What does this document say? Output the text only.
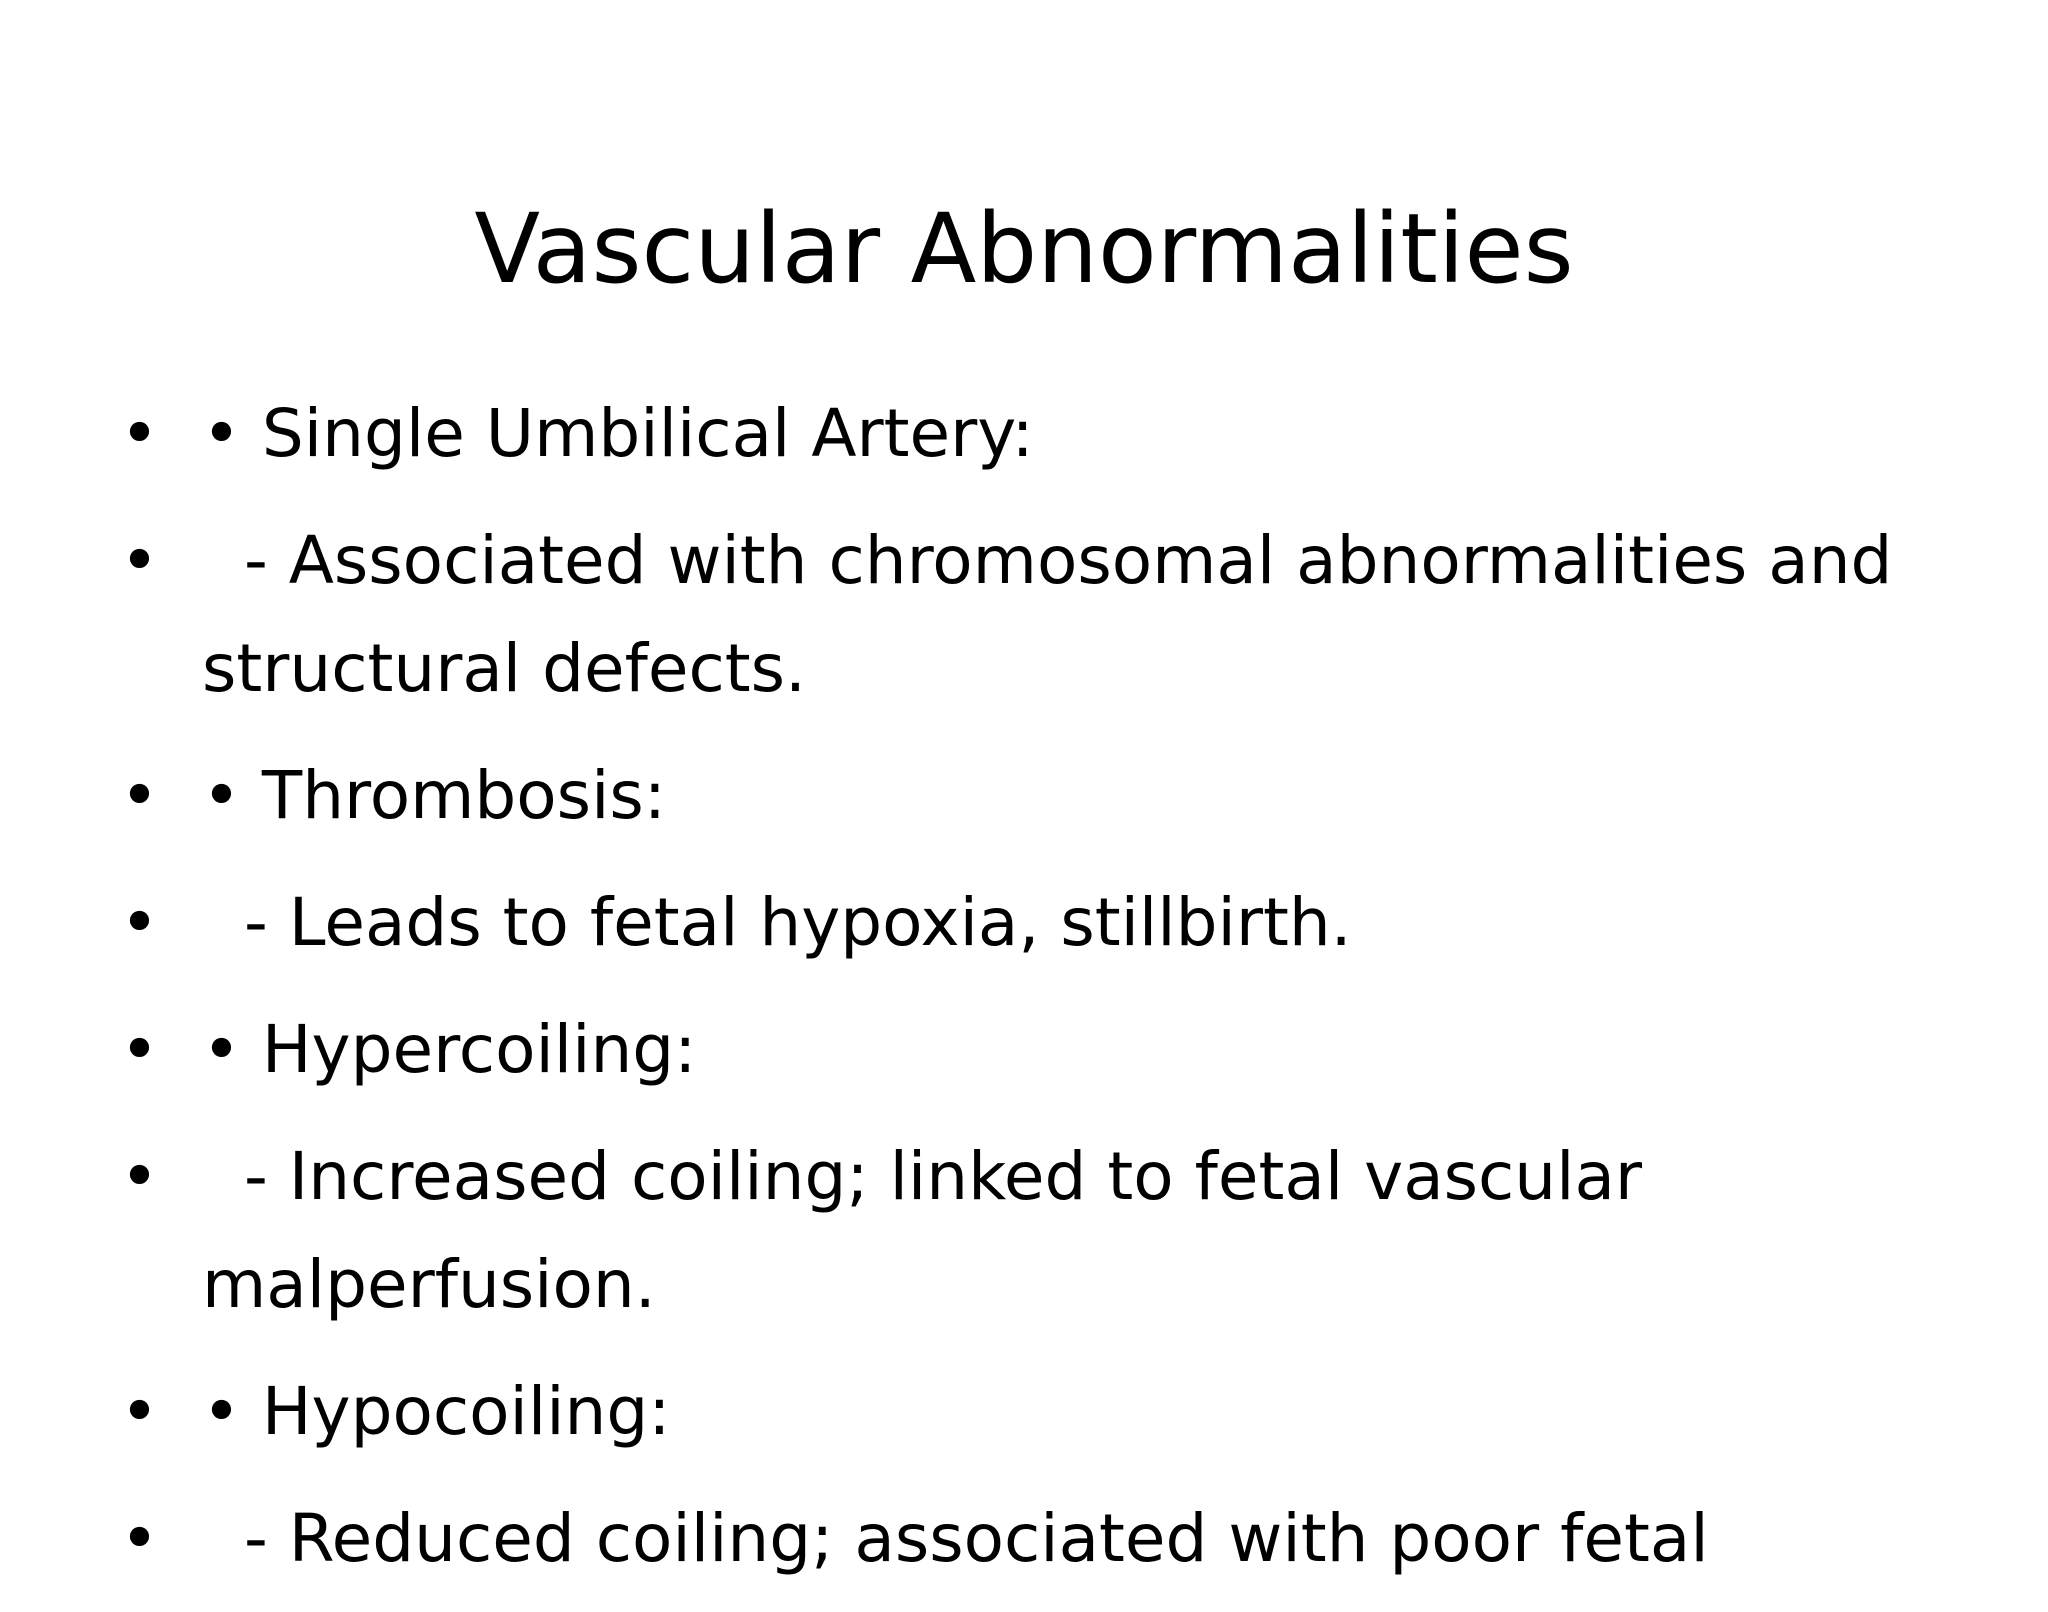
Vascular Abnormalities
• • Single Umbilical Artery:
•   - Associated with chromosomal abnormalities and structural defects.
• • Thrombosis:
•   - Leads to fetal hypoxia, stillbirth.
• • Hypercoiling:
•   - Increased coiling; linked to fetal vascular malperfusion.
• • Hypocoiling:
•   - Reduced coiling; associated with poor fetal
